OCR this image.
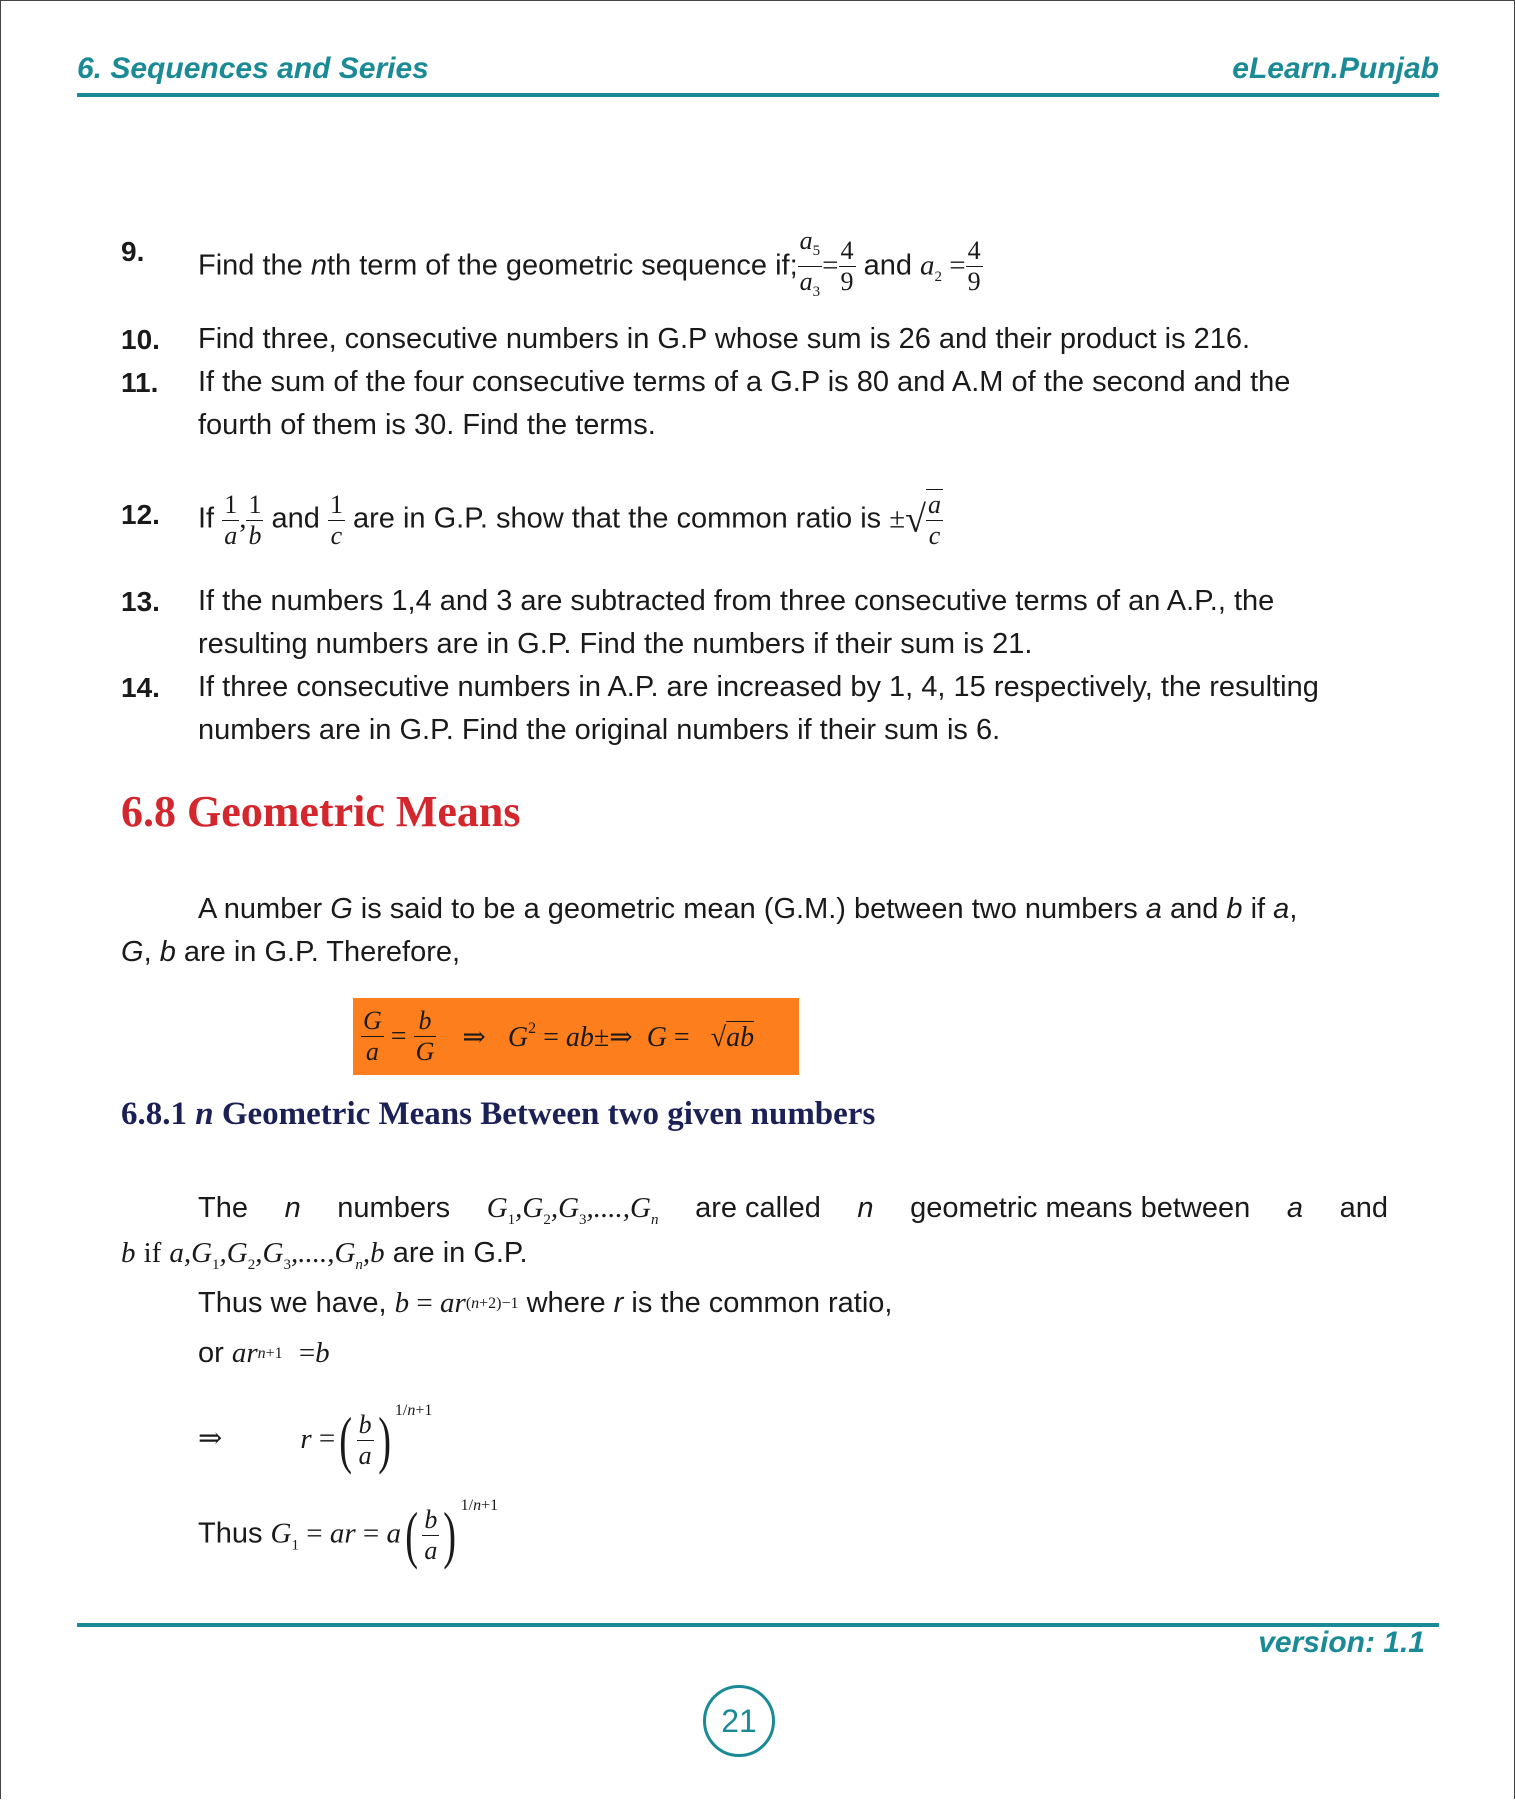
6. Sequences and Series	eLearn.Punjab
9. Find the nth term of the geometric sequence if; $\frac{a_5}{a_3} = \frac{4}{9}$ and $a_2 = \frac{4}{9}$
10. Find three, consecutive numbers in G.P whose sum is 26 and their product is 216.
11. If the sum of the four consecutive terms of a G.P is 80 and A.M of the second and the
fourth of them is 30. Find the terms.
12. If $\frac{1}{a}$ , $\frac{1}{b}$ and $\frac{1}{c}$ are in G.P. show that the common ratio is ±√ $\frac{a}{c}$
13. If the numbers 1,4 and 3 are subtracted from three consecutive terms of an A.P., the
resulting numbers are in G.P. Find the numbers if their sum is 21.
14. If three consecutive numbers in A.P. are increased by 1, 4, 15 respectively, the resulting
numbers are in G.P. Find the original numbers if their sum is 6.
6.8 Geometric Means
A number G is said to be a geometric mean (G.M.) between two numbers a and b if a,
G, b are in G.P. Therefore,
$\frac{G}{a} = \frac{b}{G}$ ⇒ $G^2$ = ab±⇒  G =   √ab
6.8.1 n Geometric Means Between two given numbers
The n numbers $G_1,G_2,G_3,....,G_n$ are called n geometric means between a and
b if $a,G_1,G_2,G_3,....,G_n,b$ are in G.P.
Thus we have, $b = ar^{(n+2)-1}$ where r is the common ratio,
or $ar^{n+1} =b$
⇒	r =( $\frac{b}{a}$ ) $^{1/n+1}$
Thus $G_1$ = ar = $a( \frac{b}{a}$ ) $^{1/n+1}$
version: 1.1
21
